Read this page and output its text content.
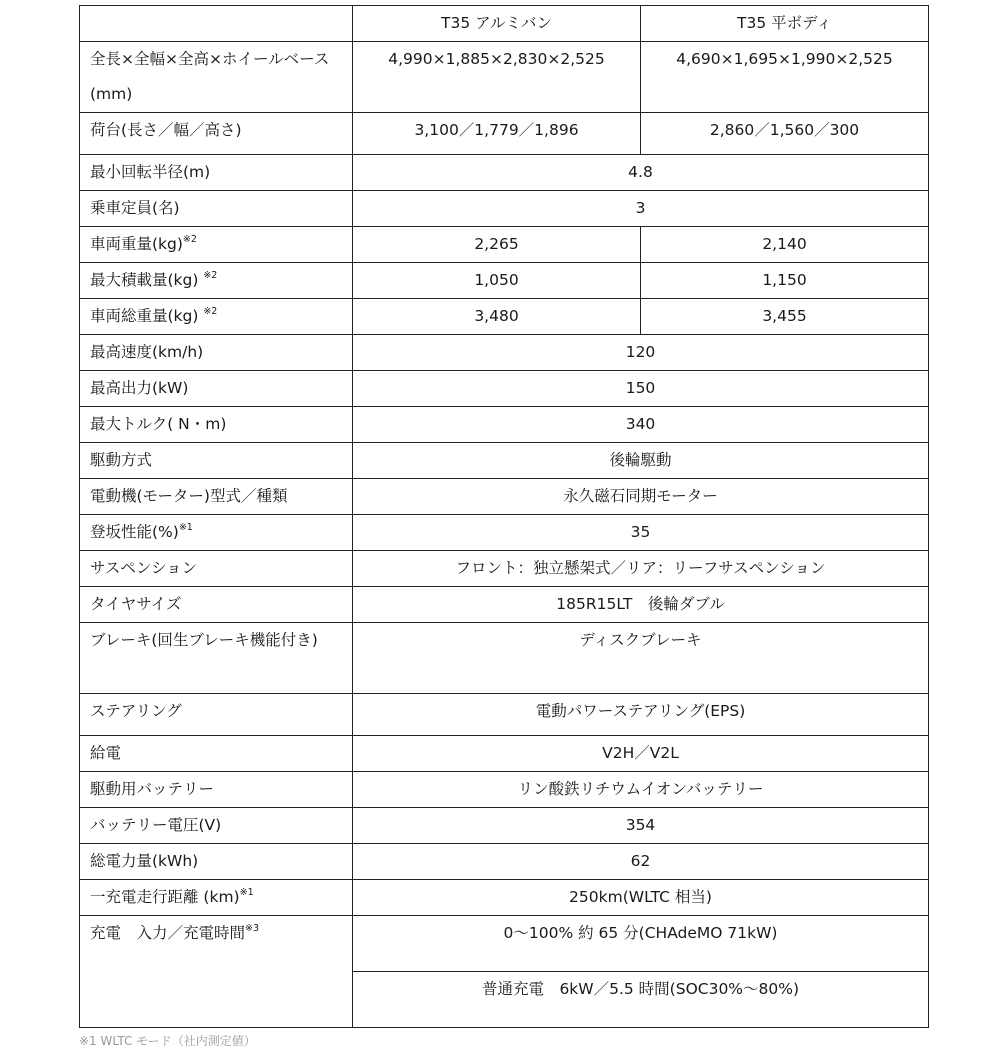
	T35 アルミバン	T35 平ボディ
全長×全幅×全高×ホイールベース(mm)	4,990×1,885×2,830×2,525	4,690×1,695×1,990×2,525
荷台(長さ／幅／高さ)	3,100／1,779／1,896	2,860／1,560／300
最小回転半径(m)	4.8	
乗車定員(名)	3	
車両重量(kg)$^{※2}$	2,265	2,140
最大積載量(kg) $^{※2}$	1,050	1,150
車両総重量(kg) $^{※2}$	3,480	3,455
最高速度(km/h)	120	
最高出力(kW)	150	
最大トルク( N・m)	340	
駆動方式	後輪駆動	
電動機(モーター)型式／種類	永久磁石同期モーター	
登坂性能(%)$^{※1}$	35	
サスペンション	フロント：独立懸架式／リア：リーフサスペンション	
タイヤサイズ	185R15LT　後輪ダブル	
ブレーキ(回生ブレーキ機能付き)	ディスクブレーキ	
ステアリング	電動パワーステアリング(EPS)	
給電	V2H／V2L	
駆動用バッテリー	リン酸鉄リチウムイオンバッテリー	
バッテリー電圧(V)	354	
総電力量(kWh)	62	
一充電走行距離 (km)$^{※1}$	250km(WLTC 相当)	
充電　入力／充電時間$^{※3}$	0～100% 約 65 分(CHAdeMO 71kW)	
	普通充電　6kW／5.5 時間(SOC30%～80%)	
※1 WLTC モード（社内測定値）
